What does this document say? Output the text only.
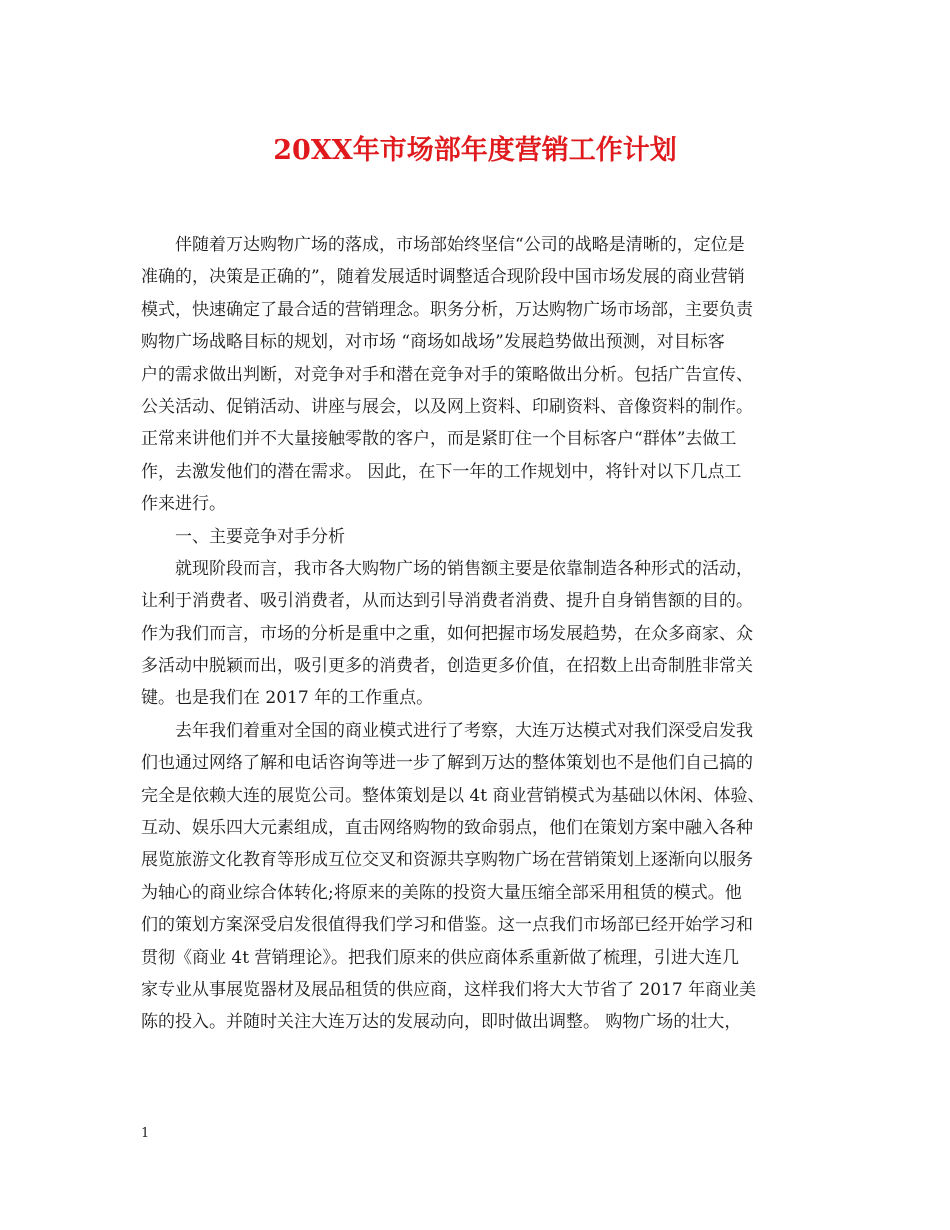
20XX年市场部年度营销工作计划
伴随着万达购物广场的落成，市场部始终坚信“公司的战略是清晰的，定位是
准确的，决策是正确的”，随着发展适时调整适合现阶段中国市场发展的商业营销
模式，快速确定了最合适的营销理念。职务分析，万达购物广场市场部，主要负责
购物广场战略目标的规划，对市场 “商场如战场”发展趋势做出预测，对目标客
户的需求做出判断，对竞争对手和潜在竞争对手的策略做出分析。包括广告宣传、
公关活动、促销活动、讲座与展会，以及网上资料、印刷资料、音像资料的制作。
正常来讲他们并不大量接触零散的客户，而是紧盯住一个目标客户“群体”去做工
作，去激发他们的潜在需求。 因此，在下一年的工作规划中，将针对以下几点工
作来进行。
一、主要竞争对手分析
就现阶段而言，我市各大购物广场的销售额主要是依靠制造各种形式的活动，
让利于消费者、吸引消费者，从而达到引导消费者消费、提升自身销售额的目的。
作为我们而言，市场的分析是重中之重，如何把握市场发展趋势，在众多商家、众
多活动中脱颖而出，吸引更多的消费者，创造更多价值，在招数上出奇制胜非常关
键。也是我们在 2017 年的工作重点。
去年我们着重对全国的商业模式进行了考察，大连万达模式对我们深受启发我
们也通过网络了解和电话咨询等进一步了解到万达的整体策划也不是他们自己搞的
完全是依赖大连的展览公司。整体策划是以 4t 商业营销模式为基础以休闲、体验、
互动、娱乐四大元素组成，直击网络购物的致命弱点，他们在策划方案中融入各种
展览旅游文化教育等形成互位交叉和资源共享购物广场在营销策划上逐渐向以服务
为轴心的商业综合体转化;将原来的美陈的投资大量压缩全部采用租赁的模式。他
们的策划方案深受启发很值得我们学习和借鉴。这一点我们市场部已经开始学习和
贯彻《商业 4t 营销理论》。把我们原来的供应商体系重新做了梳理，引进大连几
家专业从事展览器材及展品租赁的供应商，这样我们将大大节省了 2017 年商业美
陈的投入。并随时关注大连万达的发展动向，即时做出调整。 购物广场的壮大，
1
